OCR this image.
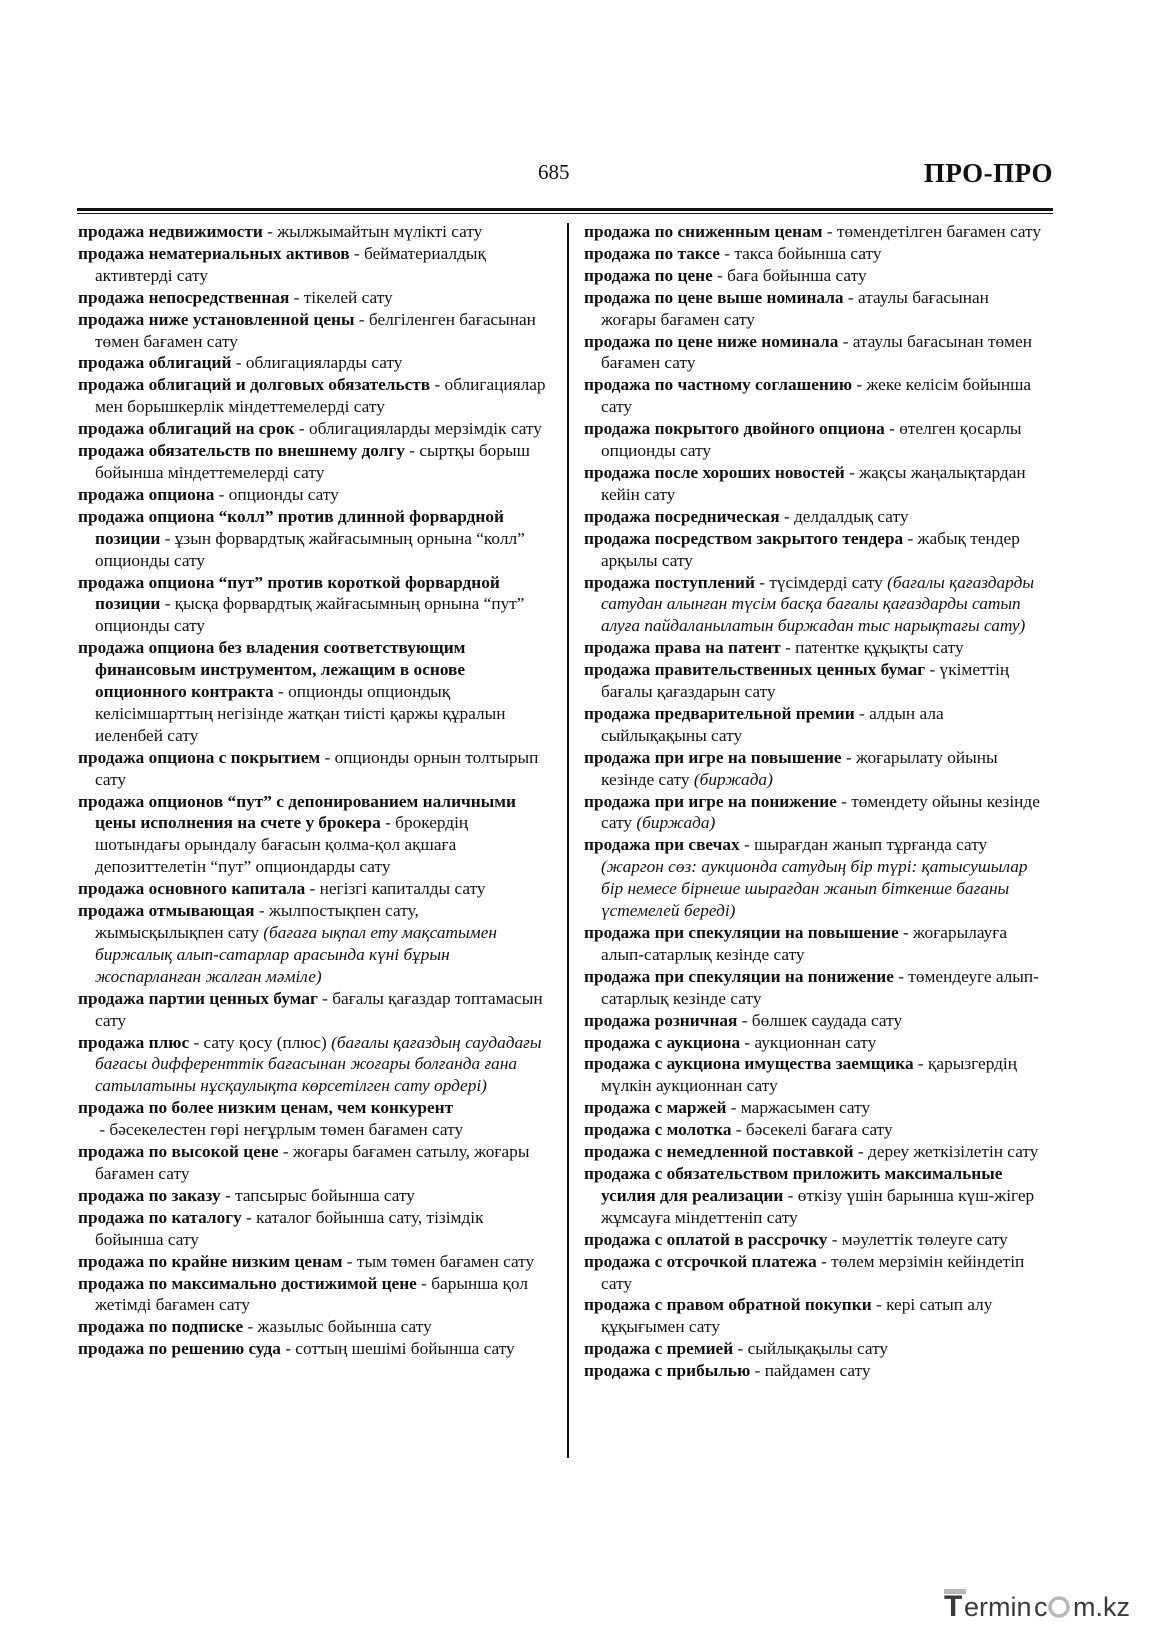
685	ПРО-ПРО
продажа недвижимости - жылжымайтын мүлікті сату
продажа нематериальных активов - бейматериалдық активтерді сату
продажа непосредственная - тікелей сату
продажа ниже установленной цены - белгіленген бағасынан төмен бағамен сату
продажа облигаций - облигацияларды сату
продажа облигаций и долговых обязательств - облигациялар мен борышкерлік міндеттемелерді сату
продажа облигаций на срок - облигацияларды мерзімдік сату
продажа обязательств по внешнему долгу - сыртқы борыш бойынша міндеттемелерді сату
продажа опциона - опционды сату
продажа опциона “колл” против длинной форвардной позиции - ұзын форвардтық жайғасымның орнына “колл” опционды сату
продажа опциона “пут” против короткой форвардной позиции - қысқа форвардтық жайғасымның орнына “пут” опционды сату
продажа опциона без владения соответствующим финансовым инструментом, лежащим в основе опционного контракта - опционды опциондық келісімшарттың негізінде жатқан тиісті қаржы құралын иеленбей сату
продажа опциона с покрытием - опционды орнын толтырып сату
продажа опционов “пут” с депонированием наличными цены исполнения на счете у брокера - брокердің шотындағы орындалу бағасын қолма-қол ақшаға депозиттелетін “пут” опциондарды сату
продажа основного капитала - негізгі капиталды сату
продажа отмывающая - жылпостықпен сату, жымысқылықпен сату (бағаға ықпал ету мақсатымен биржалық алып-сатарлар арасында күні бұрын жоспарланған жалған мәміле)
продажа партии ценных бумаг - бағалы қағаздар топтамасын сату
продажа плюс - сату қосу (плюс) (бағалы қағаздың саудадағы бағасы дифференттік бағасынан жоғары болғанда ғана сатылатыны нұсқаулықта көрсетілген сату ордері)
продажа по более низким ценам, чем конкурент - бәсекелестен гөрі неғұрлым төмен бағамен сату
продажа по высокой цене - жоғары бағамен сатылу, жоғары бағамен сату
продажа по заказу - тапсырыс бойынша сату
продажа по каталогу - каталог бойынша сату, тізімдік бойынша сату
продажа по крайне низким ценам - тым төмен бағамен сату
продажа по максимально достижимой цене - барынша қол жетімді бағамен сату
продажа по подписке - жазылыс бойынша сату
продажа по решению суда - соттың шешімі бойынша сату
продажа по сниженным ценам - төмендетілген бағамен сату
продажа по таксе - такса бойынша сату
продажа по цене - баға бойынша сату
продажа по цене выше номинала - атаулы бағасынан жоғары бағамен сату
продажа по цене ниже номинала - атаулы бағасынан төмен бағамен сату
продажа по частному соглашению - жеке келісім бойынша сату
продажа покрытого двойного опциона - өтелген қосарлы опционды сату
продажа после хороших новостей - жақсы жаңалықтардан кейін сату
продажа посредническая - делдалдық сату
продажа посредством закрытого тендера - жабық тендер арқылы сату
продажа поступлений - түсімдерді сату (бағалы қағаздарды сатудан алынған түсім басқа бағалы қағаздарды сатып алуға пайдаланылатын биржадан тыс нарықтағы сату)
продажа права на патент - патентке құқықты сату
продажа правительственных ценных бумаг - үкіметтің бағалы қағаздарын сату
продажа предварительной премии - алдын ала сыйлықақыны сату
продажа при игре на повышение - жоғарылату ойыны кезінде сату (биржада)
продажа при игре на понижение - төмендету ойыны кезінде сату (биржада)
продажа при свечах - шырағдан жанып тұрғанда сату (жаргон сөз: аукционда сатудың бір түрі: қатысушылар бір немесе бірнеше шырағдан жанып біткенше бағаны үстемелей береді)
продажа при спекуляции на повышение - жоғарылауға алып-сатарлық кезінде сату
продажа при спекуляции на понижение - төмендеуге алып-сатарлық кезінде сату
продажа розничная - бөлшек саудада сату
продажа с аукциона - аукционнан сату
продажа с аукциона имущества заемщика - қарызгердің мүлкін аукционнан сату
продажа с маржей - маржасымен сату
продажа с молотка - бәсекелі бағаға сату
продажа с немедленной поставкой - дереу жеткізілетін сату
продажа с обязательством приложить максимальные усилия для реализации - өткізу үшін барынша күш-жігер жұмсауға міндеттеніп сату
продажа с оплатой в рассрочку - мәулеттік төлеуге сату
продажа с отсрочкой платежа - төлем мерзімін кейіндетіп сату
продажа с правом обратной покупки - кері сатып алу құқығымен сату
продажа с премией - сыйлықақылы сату
продажа с прибылью - пайдамен сату
T ermin c m.kz
